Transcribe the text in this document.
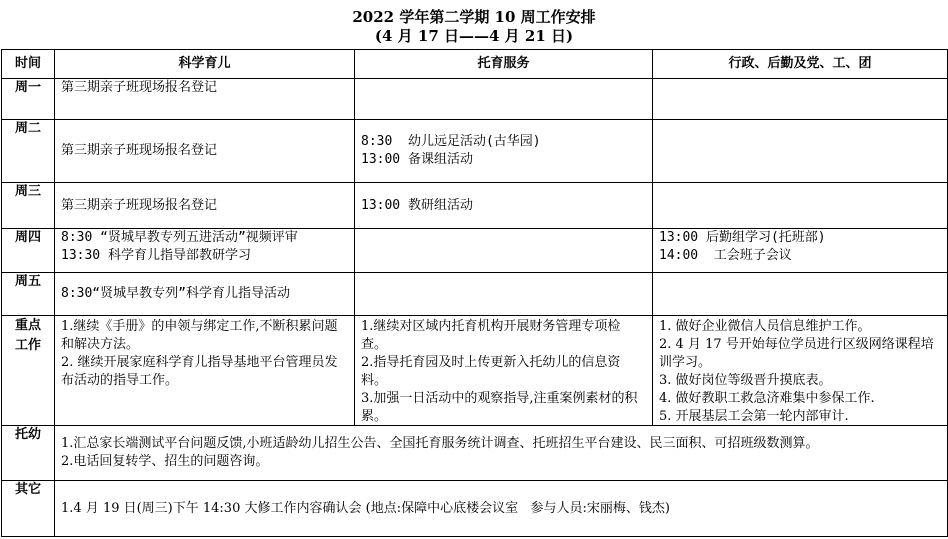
2022 学年第二学期 10 周工作安排
(4 月 17 日——4 月 21 日)
时间	科学育儿	托育服务	行政、后勤及党、工、团
周一	第三期亲子班现场报名登记		

周二	第三期亲子班现场报名登记	8:30  幼儿远足活动(古华园)
13:00 备课组活动	

周三	第三期亲子班现场报名登记	13:00 教研组活动	

周四	8:30 “贤城早教专列五进活动”视频评审
13:30 科学育儿指导部教研学习		13:00 后勤组学习(托班部)
14:00  工会班子会议

周五	8:30“贤城早教专列”科学育儿指导活动		

重点工作	1.继续《手册》的申领与绑定工作,不断积累问题和解决方法。
2. 继续开展家庭科学育儿指导基地平台管理员发布活动的指导工作。	1.继续对区域内托育机构开展财务管理专项检查。
2.指导托育园及时上传更新入托幼儿的信息资料。
3.加强一日活动中的观察指导,注重案例素材的积累。	1. 做好企业微信人员信息维护工作。
2. 4 月 17 号开始每位学员进行区级网络课程培训学习。
3. 做好岗位等级晋升摸底表。
4. 做好教职工救急济难集中参保工作.
5. 开展基层工会第一轮内部审计.

托幼	1.汇总家长端测试平台问题反馈,小班适龄幼儿招生公告、全国托育服务统计调查、托班招生平台建设、民三面积、可招班级数测算。
2.电话回复转学、招生的问题咨询。		

其它	1.4 月 19 日(周三)下午 14:30 大修工作内容确认会 (地点:保障中心底楼会议室   参与人员:宋丽梅、钱杰)		
